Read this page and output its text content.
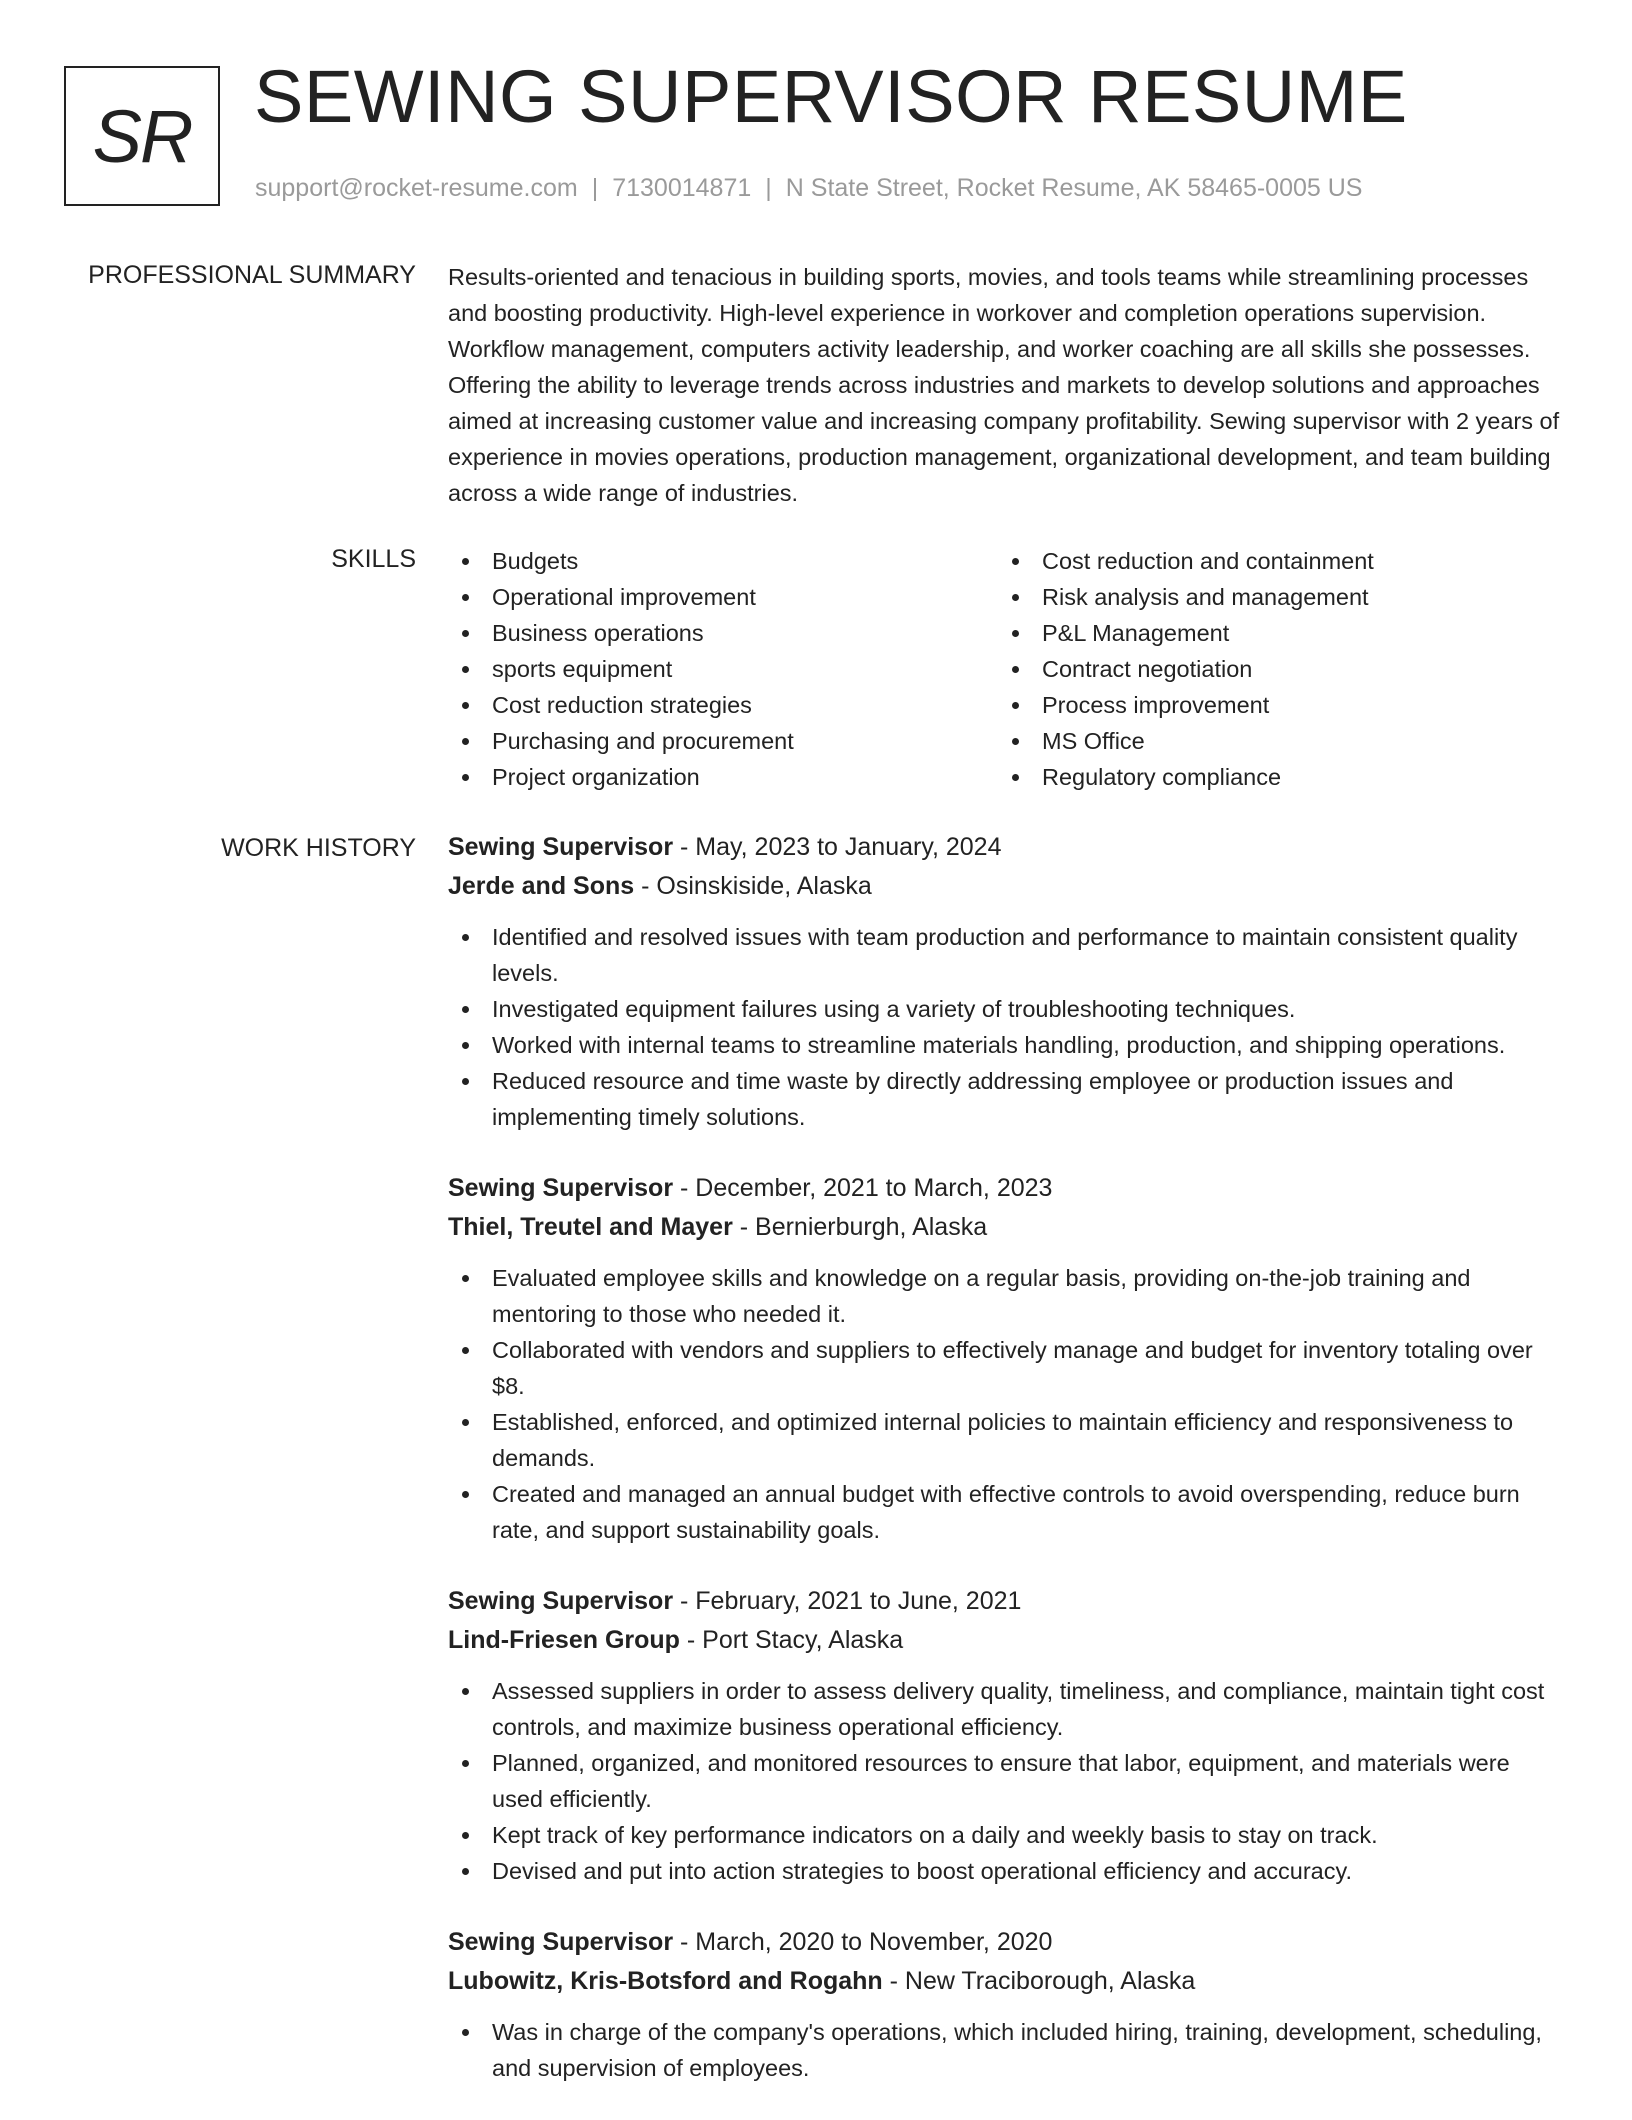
SR SEWING SUPERVISOR RESUME
support@rocket-resume.com | 7130014871 | N State Street, Rocket Resume, AK 58465-0005 US
PROFESSIONAL SUMMARY Results-oriented and tenacious in building sports, movies, and tools teams while streamlining processes and boosting productivity. High-level experience in workover and completion operations supervision. Workflow management, computers activity leadership, and worker coaching are all skills she possesses. Offering the ability to leverage trends across industries and markets to develop solutions and approaches aimed at increasing customer value and increasing company profitability. Sewing supervisor with 2 years of experience in movies operations, production management, organizational development, and team building across a wide range of industries.

SKILLS	Budgets
Operational improvement
Business operations
sports equipment
Cost reduction strategies
Purchasing and procurement
Project organization
Cost reduction and containment
Risk analysis and management
P&L Management
Contract negotiation
Process improvement
MS Office
Regulatory compliance
WORK HISTORY Sewing Supervisor - May, 2023 to January, 2024
Jerde and Sons - Osinskiside, Alaska
Identified and resolved issues with team production and performance to maintain consistent quality levels.
Investigated equipment failures using a variety of troubleshooting techniques.
Worked with internal teams to streamline materials handling, production, and shipping operations.
Reduced resource and time waste by directly addressing employee or production issues and implementing timely solutions.
Sewing Supervisor - December, 2021 to March, 2023
Thiel, Treutel and Mayer - Bernierburgh, Alaska
Evaluated employee skills and knowledge on a regular basis, providing on-the-job training and mentoring to those who needed it.
Collaborated with vendors and suppliers to effectively manage and budget for inventory totaling over $8.
Established, enforced, and optimized internal policies to maintain efficiency and responsiveness to demands.
Created and managed an annual budget with effective controls to avoid overspending, reduce burn rate, and support sustainability goals.
Sewing Supervisor - February, 2021 to June, 2021
Lind-Friesen Group - Port Stacy, Alaska
Assessed suppliers in order to assess delivery quality, timeliness, and compliance, maintain tight cost controls, and maximize business operational efficiency.
Planned, organized, and monitored resources to ensure that labor, equipment, and materials were used efficiently.
Kept track of key performance indicators on a daily and weekly basis to stay on track.
Devised and put into action strategies to boost operational efficiency and accuracy.
Sewing Supervisor - March, 2020 to November, 2020
Lubowitz, Kris-Botsford and Rogahn - New Traciborough, Alaska
Was in charge of the company's operations, which included hiring, training, development, scheduling, and supervision of employees.
